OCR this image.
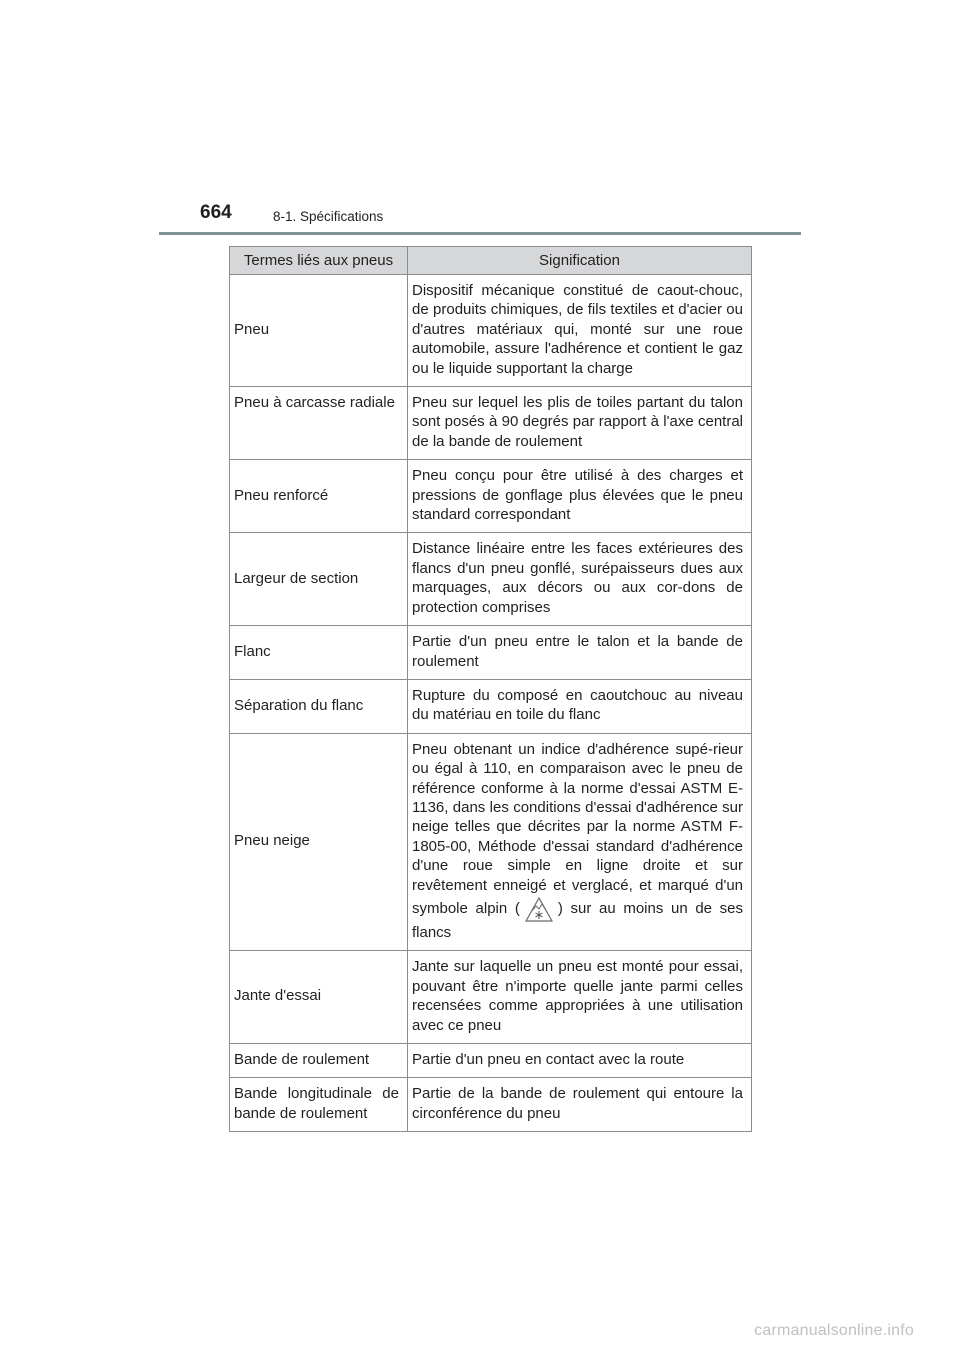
664	8-1. Spécifications
Termes liés aux pneus	Signification
Pneu	Dispositif mécanique constitué de caout-chouc, de produits chimiques, de fils textiles et d'acier ou d'autres matériaux qui, monté sur une roue automobile, assure l'adhérence et contient le gaz ou le liquide supportant la charge
Pneu à carcasse radiale	Pneu sur lequel les plis de toiles partant du talon sont posés à 90 degrés par rapport à l'axe central de la bande de roulement
Pneu renforcé	Pneu conçu pour être utilisé à des charges et pressions de gonflage plus élevées que le pneu standard correspondant
Largeur de section	Distance linéaire entre les faces extérieures des flancs d'un pneu gonflé, surépaisseurs dues aux marquages, aux décors ou aux cor-dons de protection comprises
Flanc	Partie d'un pneu entre le talon et la bande de roulement
Séparation du flanc	Rupture du composé en caoutchouc au niveau du matériau en toile du flanc
Pneu neige	Pneu obtenant un indice d'adhérence supé-rieur ou égal à 110, en comparaison avec le pneu de référence conforme à la norme d'essai ASTM E-1136, dans les conditions d'essai d'adhérence sur neige telles que décrites par la norme ASTM F-1805-00, Méthode d'essai standard d'adhérence d'une roue simple en ligne droite et sur revêtement enneigé et verglacé, et marqué d'un symbole alpin ( ) sur au moins un de ses flancs
Jante d'essai	Jante sur laquelle un pneu est monté pour essai, pouvant être n'importe quelle jante parmi celles recensées comme appropriées à une utilisation avec ce pneu
Bande de roulement	Partie d'un pneu en contact avec la route
Bande longitudinale de bande de roulement	Partie de la bande de roulement qui entoure la circonférence du pneu
carmanualsonline.info
